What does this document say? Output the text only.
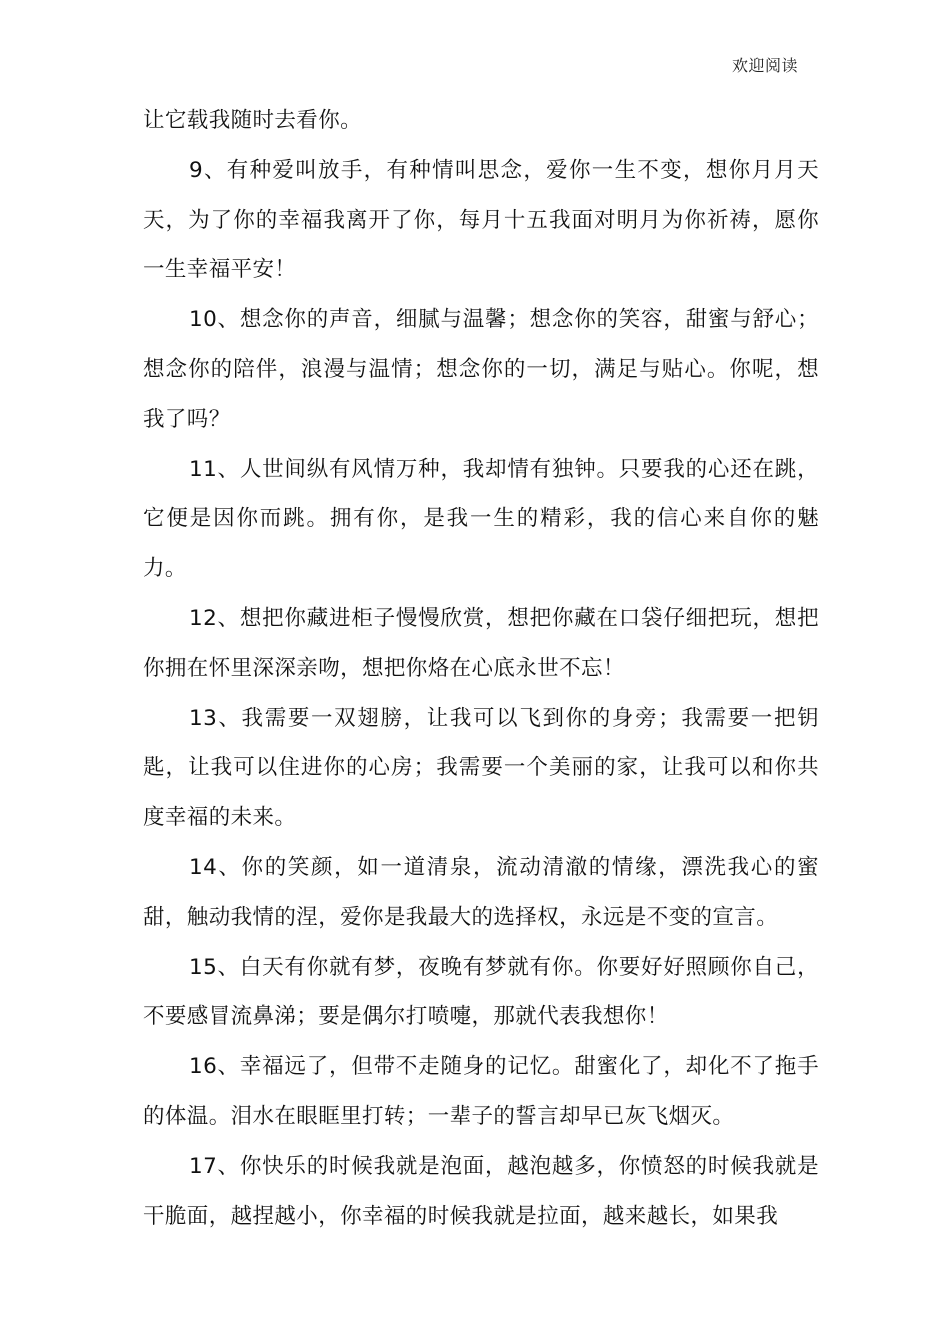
欢迎阅读

让它载我随时去看你。

9、有种爱叫放手，有种情叫思念，爱你一生不变，想你月月天天，为了你的幸福我离开了你，每月十五我面对明月为你祈祷，愿你一生幸福平安！

10、想念你的声音，细腻与温馨；想念你的笑容，甜蜜与舒心；想念你的陪伴，浪漫与温情；想念你的一切，满足与贴心。你呢，想我了吗？

11、人世间纵有风情万种，我却情有独钟。只要我的心还在跳，它便是因你而跳。拥有你，是我一生的精彩，我的信心来自你的魅力。

12、想把你藏进柜子慢慢欣赏，想把你藏在口袋仔细把玩，想把你拥在怀里深深亲吻，想把你烙在心底永世不忘！

13、我需要一双翅膀，让我可以飞到你的身旁；我需要一把钥匙，让我可以住进你的心房；我需要一个美丽的家，让我可以和你共度幸福的未来。

14、你的笑颜，如一道清泉，流动清澈的情缘，漂洗我心的蜜甜，触动我情的涅，爱你是我最大的选择权，永远是不变的宣言。

15、白天有你就有梦，夜晚有梦就有你。你要好好照顾你自己，不要感冒流鼻涕；要是偶尔打喷嚏，那就代表我想你！

16、幸福远了，但带不走随身的记忆。甜蜜化了，却化不了拖手的体温。泪水在眼眶里打转；一辈子的誓言却早已灰飞烟灭。

17、你快乐的时候我就是泡面，越泡越多，你愤怒的时候我就是干脆面，越捏越小，你幸福的时候我就是拉面，越来越长，如果我
